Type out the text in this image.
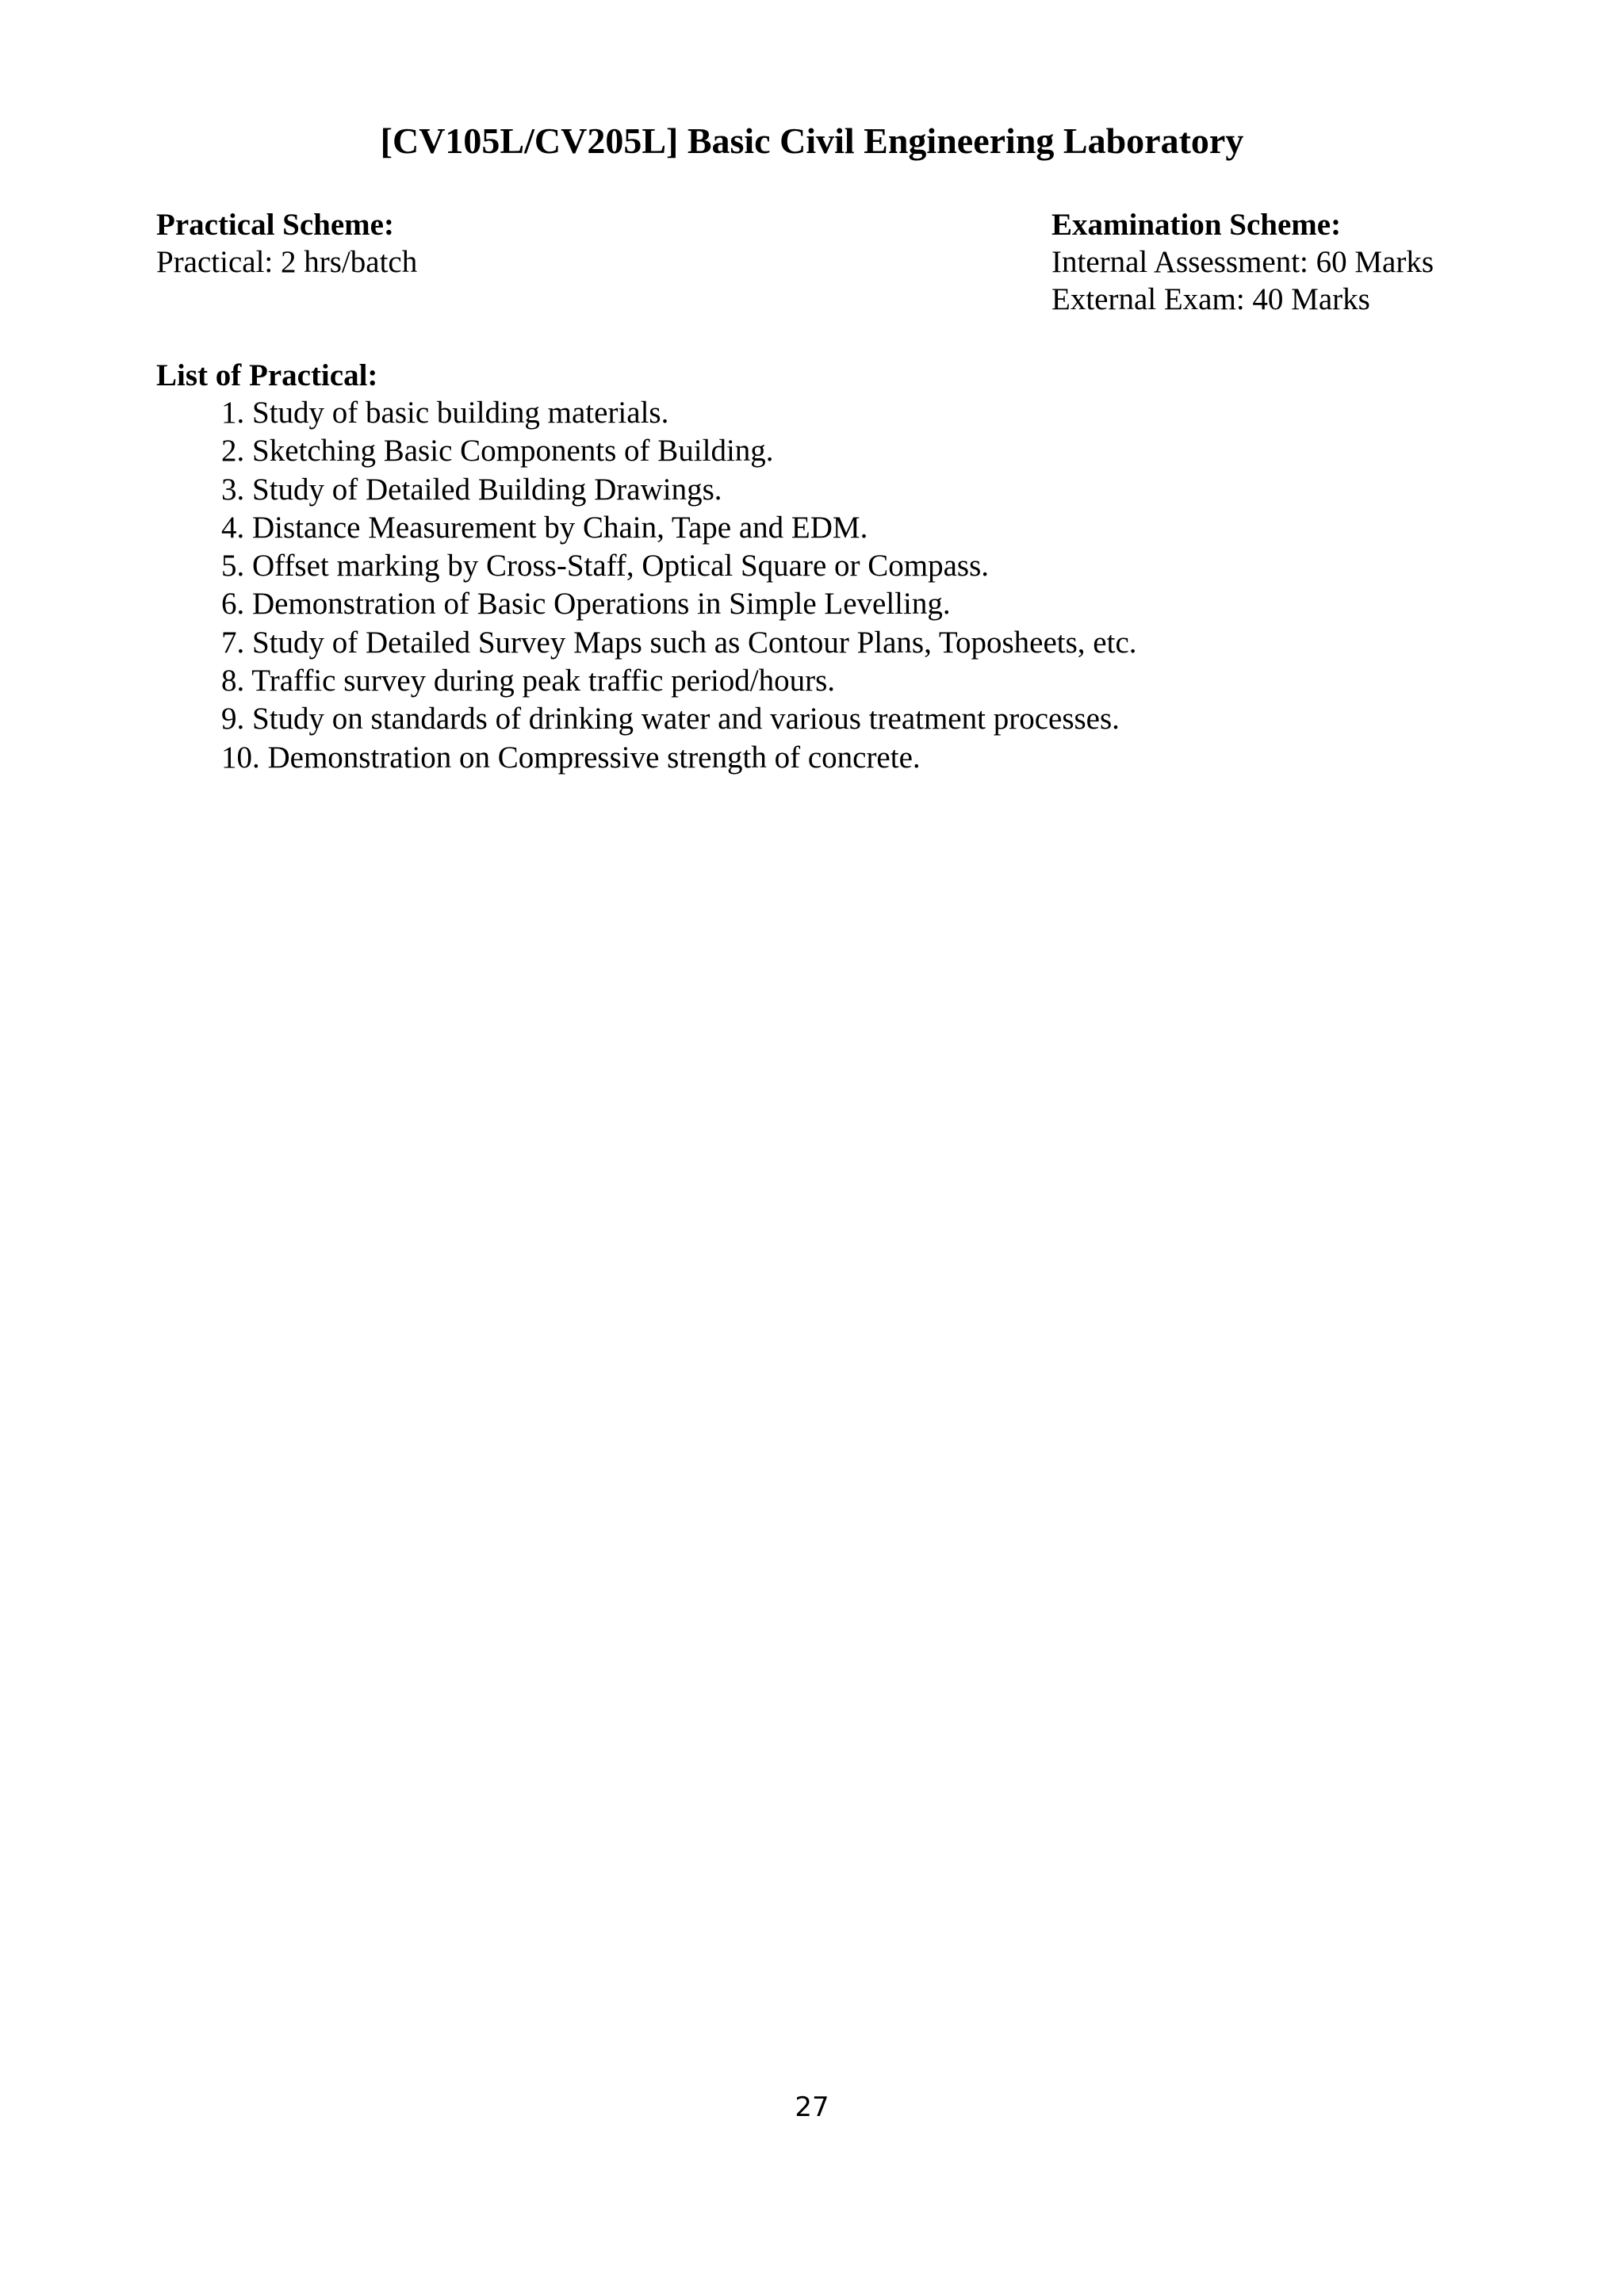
[CV105L/CV205L] Basic Civil Engineering Laboratory
Practical Scheme:
Practical: 2 hrs/batch
Examination Scheme:
Internal Assessment: 60 Marks
External Exam: 40 Marks
List of Practical:
1. Study of basic building materials.
2. Sketching Basic Components of Building.
3. Study of Detailed Building Drawings.
4. Distance Measurement by Chain, Tape and EDM.
5. Offset marking by Cross-Staff, Optical Square or Compass.
6. Demonstration of Basic Operations in Simple Levelling.
7. Study of Detailed Survey Maps such as Contour Plans, Toposheets, etc.
8. Traffic survey during peak traffic period/hours.
9. Study on standards of drinking water and various treatment processes.
10. Demonstration on Compressive strength of concrete.
27
